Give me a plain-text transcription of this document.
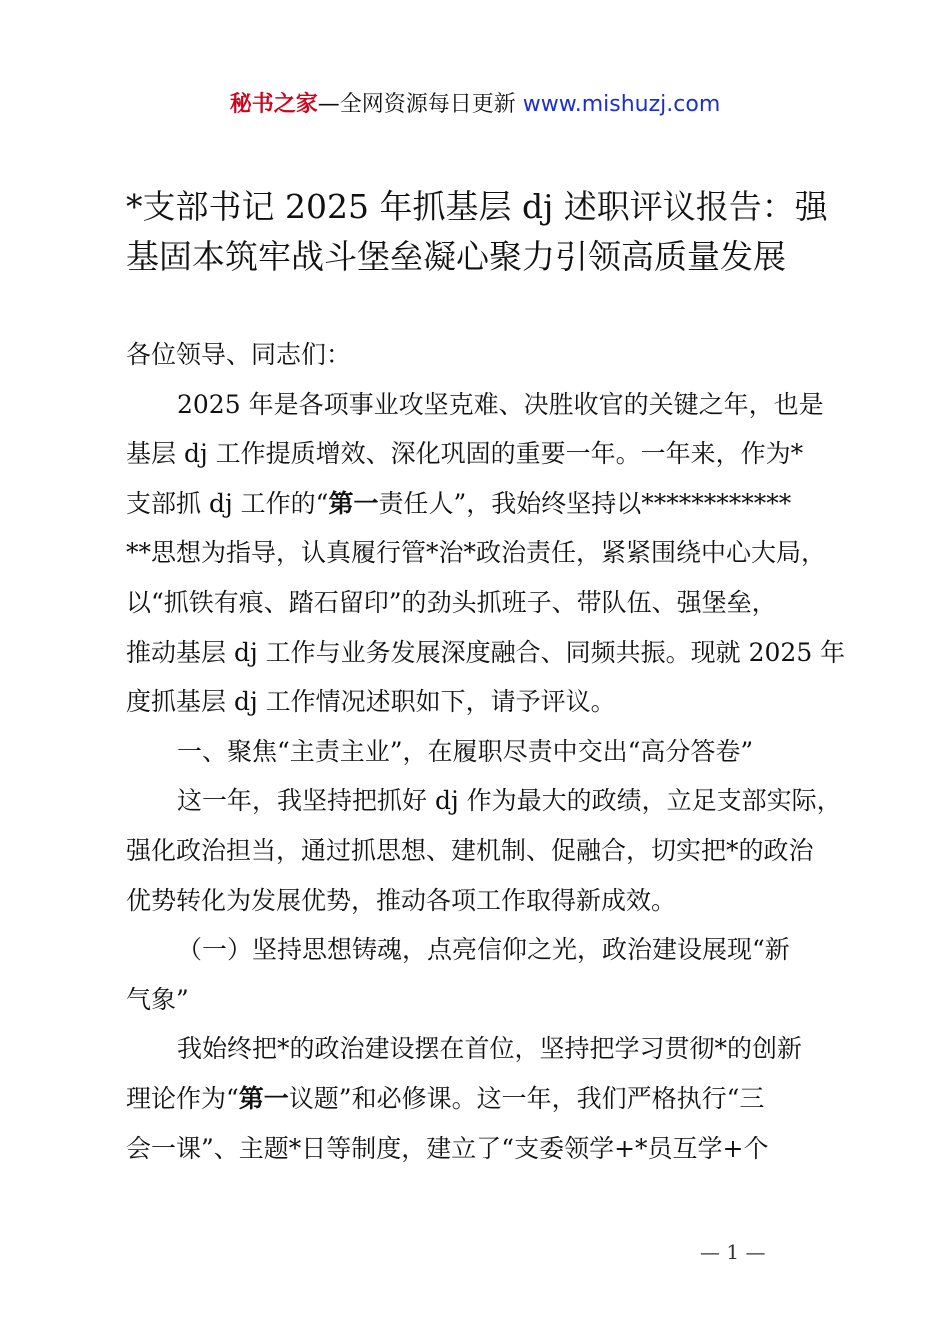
秘书之家—全网资源每日更新 www.mishuzj.com
*支部书记 2025 年抓基层 dj 述职评议报告：强
基固本筑牢战斗堡垒凝心聚力引领高质量发展

各位领导、同志们：

2025 年是各项事业攻坚克难、决胜收官的关键之年，也是
基层 dj 工作提质增效、深化巩固的重要一年。一年来，作为*
支部抓 dj 工作的“第一责任人”，我始终坚持以************
**思想为指导，认真履行管*治*政治责任，紧紧围绕中心大局，
以“抓铁有痕、踏石留印”的劲头抓班子、带队伍、强堡垒，
推动基层 dj 工作与业务发展深度融合、同频共振。现就 2025 年
度抓基层 dj 工作情况述职如下，请予评议。

一、聚焦“主责主业”，在履职尽责中交出“高分答卷”

这一年，我坚持把抓好 dj 作为最大的政绩，立足支部实际，
强化政治担当，通过抓思想、建机制、促融合，切实把*的政治
优势转化为发展优势，推动各项工作取得新成效。

（一）坚持思想铸魂，点亮信仰之光，政治建设展现“新
气象”

我始终把*的政治建设摆在首位，坚持把学习贯彻*的创新
理论作为“第一议题”和必修课。这一年，我们严格执行“三
会一课”、主题*日等制度，建立了“支委领学+*员互学+个

— 1 —
